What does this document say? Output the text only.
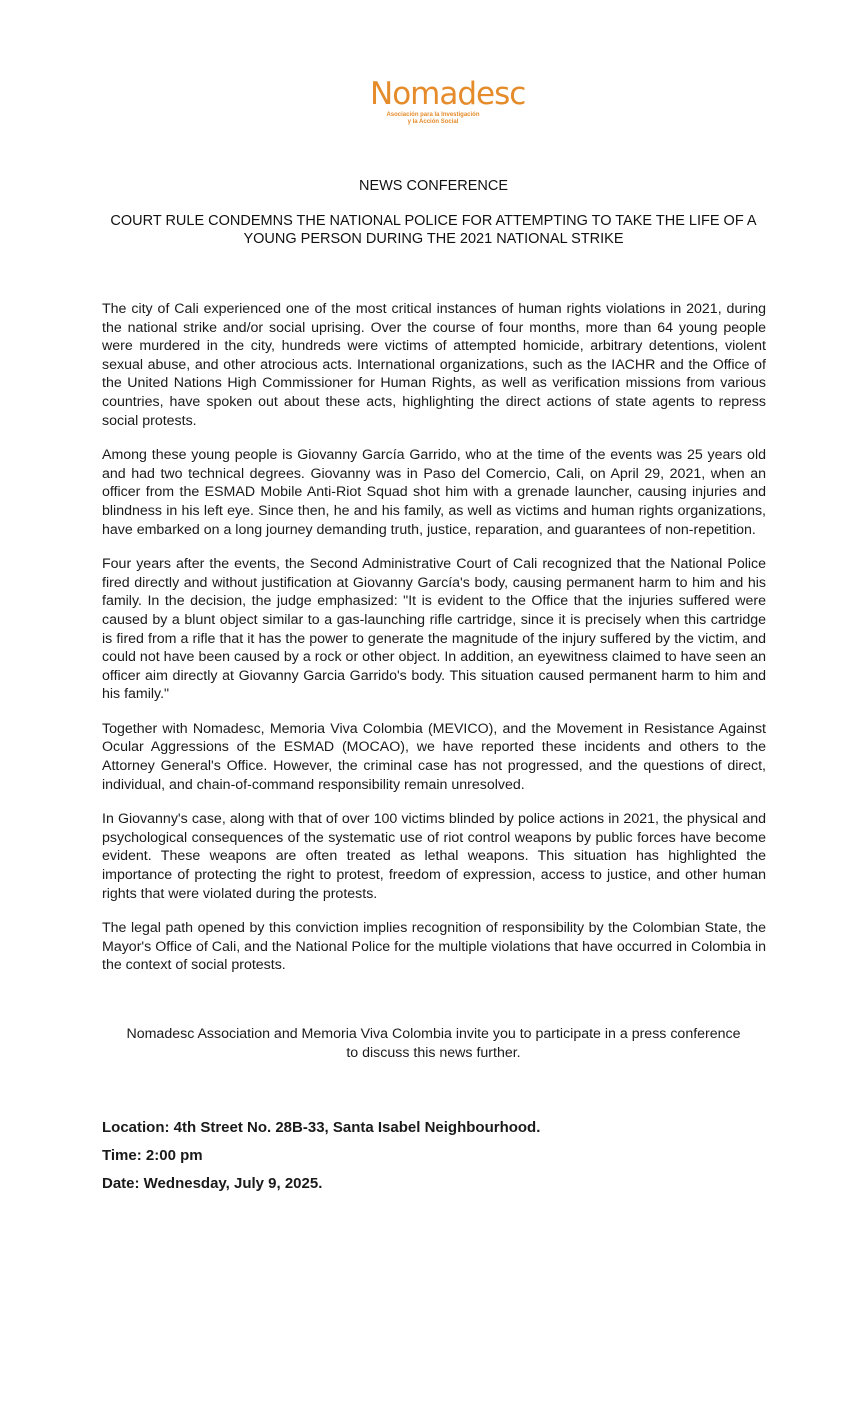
Nomadesc
Asociación para la Investigación
y la Acción Social
NEWS CONFERENCE
COURT RULE CONDEMNS THE NATIONAL POLICE FOR ATTEMPTING TO TAKE THE LIFE OF A YOUNG PERSON DURING THE 2021 NATIONAL STRIKE

The city of Cali experienced one of the most critical instances of human rights violations in 2021, during the national strike and/or social uprising. Over the course of four months, more than 64 young people were murdered in the city, hundreds were victims of attempted homicide, arbitrary detentions, violent sexual abuse, and other atrocious acts. International organizations, such as the IACHR and the Office of the United Nations High Commissioner for Human Rights, as well as verification missions from various countries, have spoken out about these acts, highlighting the direct actions of state agents to repress social protests.

Among these young people is Giovanny García Garrido, who at the time of the events was 25 years old and had two technical degrees. Giovanny was in Paso del Comercio, Cali, on April 29, 2021, when an officer from the ESMAD Mobile Anti-Riot Squad shot him with a grenade launcher, causing injuries and blindness in his left eye. Since then, he and his family, as well as victims and human rights organizations, have embarked on a long journey demanding truth, justice, reparation, and guarantees of non-repetition.

Four years after the events, the Second Administrative Court of Cali recognized that the National Police fired directly and without justification at Giovanny García's body, causing permanent harm to him and his family. In the decision, the judge emphasized: "It is evident to the Office that the injuries suffered were caused by a blunt object similar to a gas-launching rifle cartridge, since it is precisely when this cartridge is fired from a rifle that it has the power to generate the magnitude of the injury suffered by the victim, and could not have been caused by a rock or other object. In addition, an eyewitness claimed to have seen an officer aim directly at Giovanny Garcia Garrido's body. This situation caused permanent harm to him and his family."

Together with Nomadesc, Memoria Viva Colombia (MEVICO), and the Movement in Resistance Against Ocular Aggressions of the ESMAD (MOCAO), we have reported these incidents and others to the Attorney General's Office. However, the criminal case has not progressed, and the questions of direct, individual, and chain-of-command responsibility remain unresolved.

In Giovanny's case, along with that of over 100 victims blinded by police actions in 2021, the physical and psychological consequences of the systematic use of riot control weapons by public forces have become evident. These weapons are often treated as lethal weapons. This situation has highlighted the importance of protecting the right to protest, freedom of expression, access to justice, and other human rights that were violated during the protests.

The legal path opened by this conviction implies recognition of responsibility by the Colombian State, the Mayor's Office of Cali, and the National Police for the multiple violations that have occurred in Colombia in the context of social protests.

Nomadesc Association and Memoria Viva Colombia invite you to participate in a press conference to discuss this news further.
Location: 4th Street No. 28B-33, Santa Isabel Neighbourhood.
Time: 2:00 pm
Date: Wednesday, July 9, 2025.
